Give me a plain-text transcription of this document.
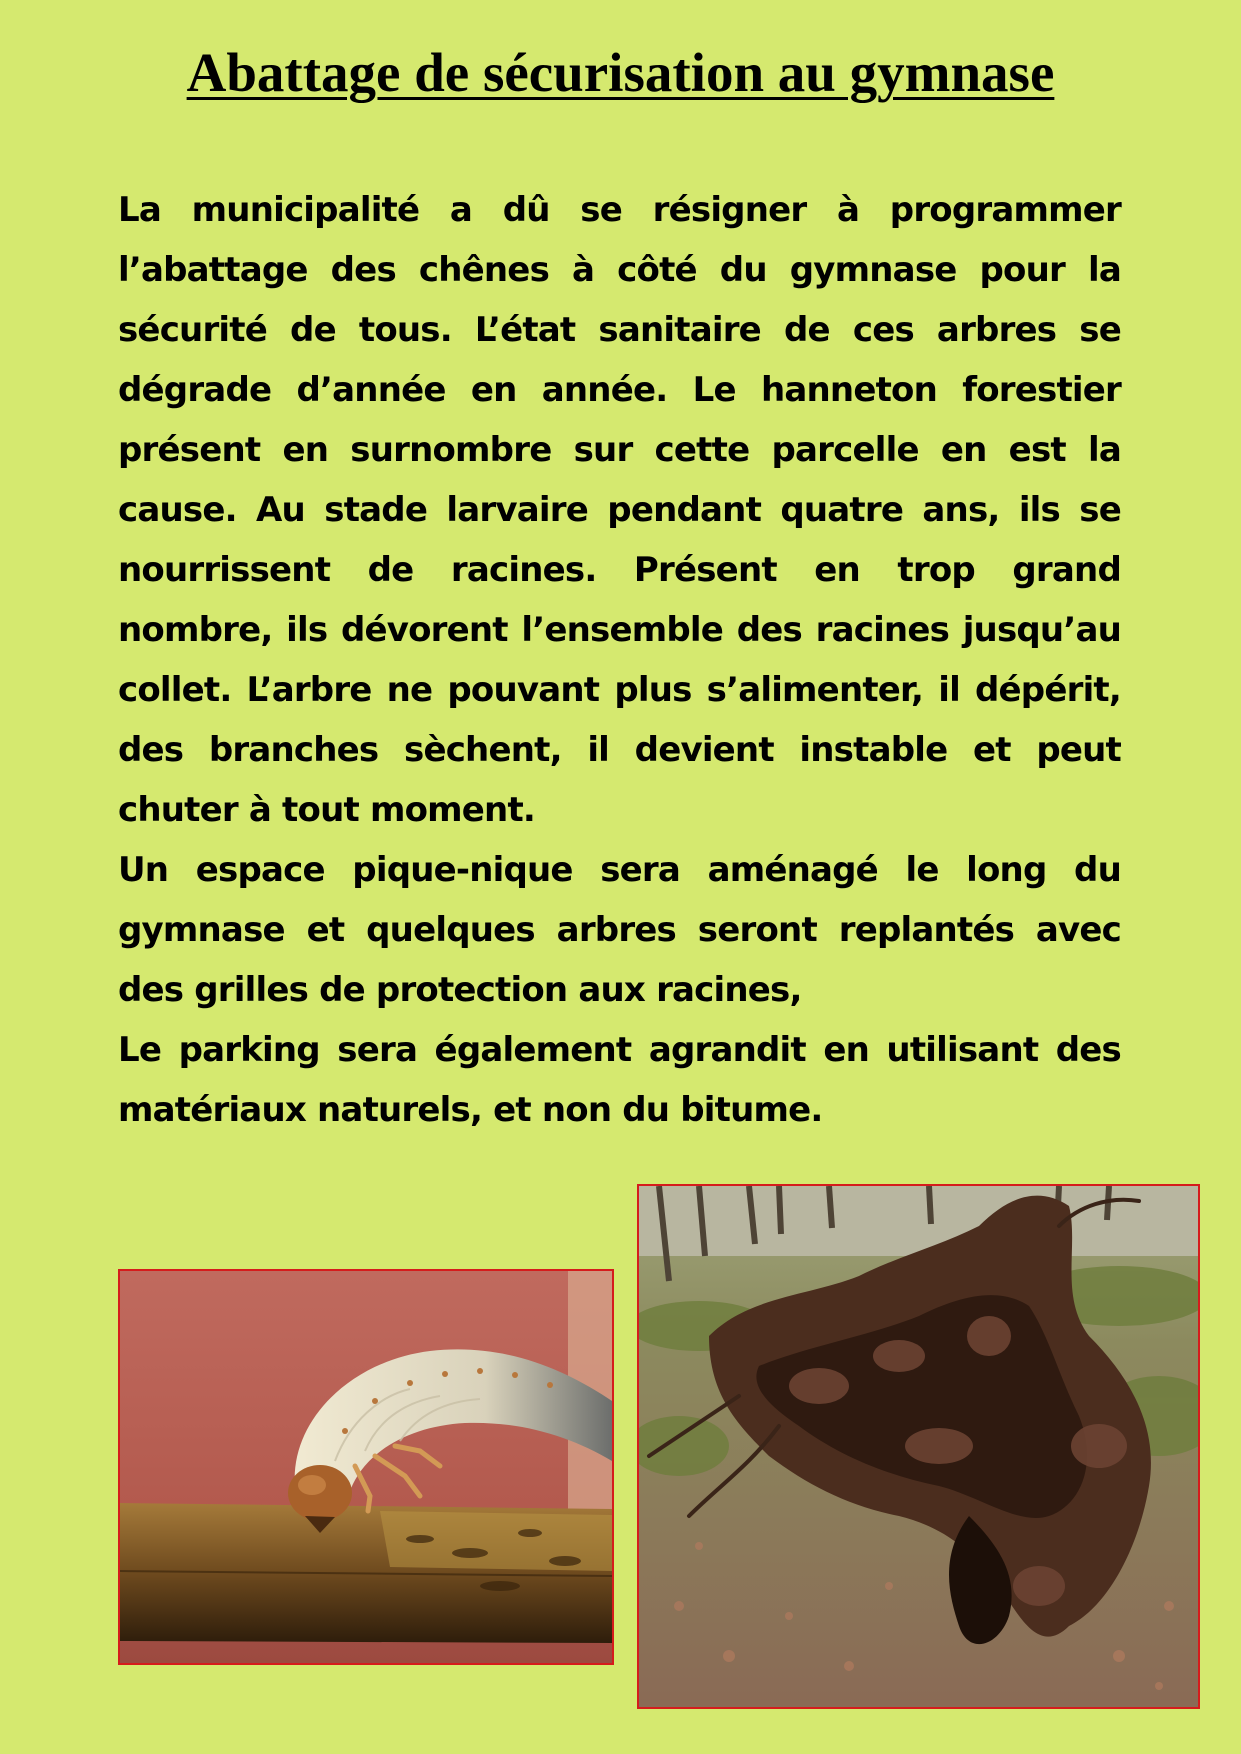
Abattage de sécurisation au gymnase

La municipalité a dû se résigner à programmer l’abattage des chênes à côté du gymnase pour la sécurité de tous. L’état sanitaire de ces arbres se dégrade d’année en année. Le hanneton forestier présent en surnombre sur cette parcelle en est la cause. Au stade larvaire pendant quatre ans, ils se nourrissent de racines. Présent en trop grand nombre, ils dévorent l’ensemble des racines jusqu’au collet. L’arbre ne pouvant plus s’alimenter, il dépérit, des branches sèchent, il devient instable et peut chuter à tout moment.

Un espace pique-nique sera aménagé le long du gymnase et quelques arbres seront replantés avec des grilles de protection aux racines,

Le parking sera également agrandit en utilisant des matériaux naturels, et non du bitume.
